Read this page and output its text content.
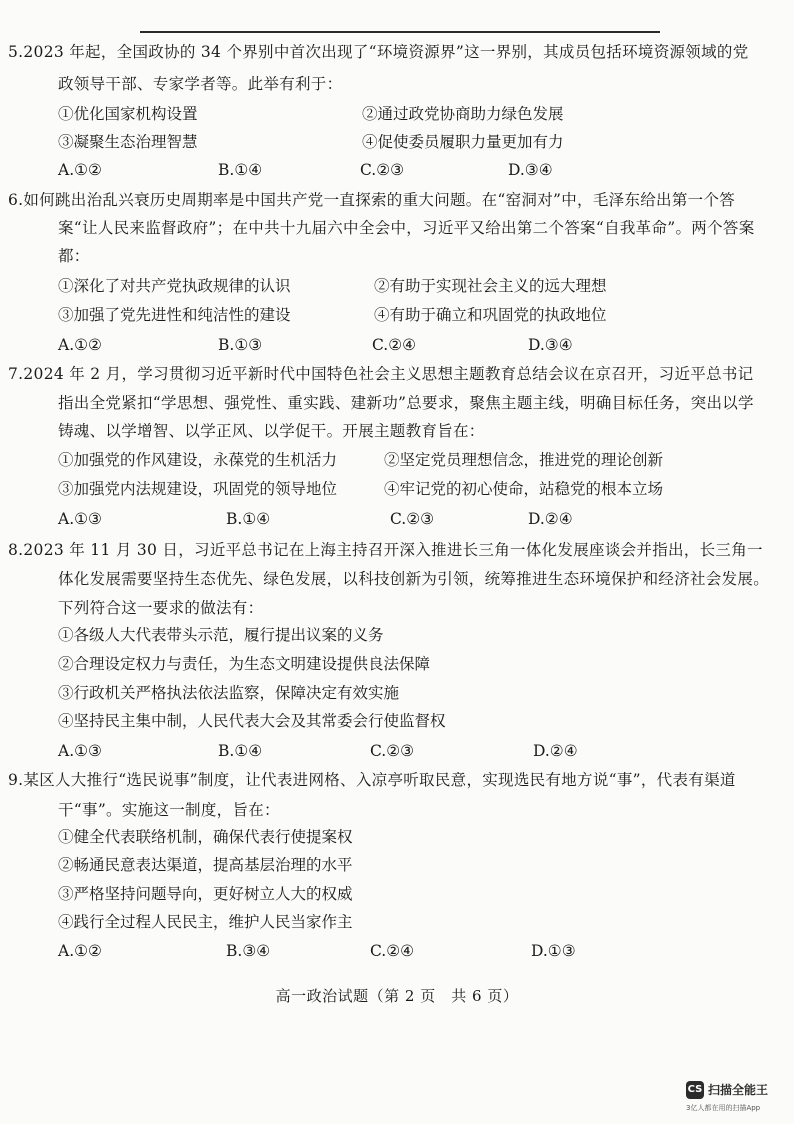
5.2023 年起，全国政协的 34 个界别中首次出现了“环境资源界”这一界别，其成员包括环境资源领域的党
政领导干部、专家学者等。此举有利于：
①优化国家机构设置	②通过政党协商助力绿色发展
③凝聚生态治理智慧	④促使委员履职力量更加有力
A.①②	B.①④	C.②③	D.③④
6.如何跳出治乱兴衰历史周期率是中国共产党一直探索的重大问题。在“窑洞对”中，毛泽东给出第一个答
案“让人民来监督政府”；在中共十九届六中全会中，习近平又给出第二个答案“自我革命”。两个答案
都：
①深化了对共产党执政规律的认识	②有助于实现社会主义的远大理想
③加强了党先进性和纯洁性的建设	④有助于确立和巩固党的执政地位
A.①②	B.①③	C.②④	D.③④
7.2024 年 2 月，学习贯彻习近平新时代中国特色社会主义思想主题教育总结会议在京召开，习近平总书记
指出全党紧扣“学思想、强党性、重实践、建新功”总要求，聚焦主题主线，明确目标任务，突出以学
铸魂、以学增智、以学正风、以学促干。开展主题教育旨在：
①加强党的作风建设，永葆党的生机活力	②坚定党员理想信念，推进党的理论创新
③加强党内法规建设，巩固党的领导地位	④牢记党的初心使命，站稳党的根本立场
A.①③	B.①④	C.②③	D.②④
8.2023 年 11 月 30 日，习近平总书记在上海主持召开深入推进长三角一体化发展座谈会并指出，长三角一
体化发展需要坚持生态优先、绿色发展，以科技创新为引领，统筹推进生态环境保护和经济社会发展。
下列符合这一要求的做法有：
①各级人大代表带头示范，履行提出议案的义务
②合理设定权力与责任，为生态文明建设提供良法保障
③行政机关严格执法依法监察，保障决定有效实施
④坚持民主集中制，人民代表大会及其常委会行使监督权
A.①③	B.①④	C.②③	D.②④
9.某区人大推行“选民说事”制度，让代表进网格、入凉亭听取民意，实现选民有地方说“事”，代表有渠道
干“事”。实施这一制度，旨在：
①健全代表联络机制，确保代表行使提案权
②畅通民意表达渠道，提高基层治理的水平
③严格坚持问题导向，更好树立人大的权威
④践行全过程人民民主，维护人民当家作主
A.①②	B.③④	C.②④	D.①③
高一政治试题（第 2 页　共 6 页）
CS 扫描全能王
3亿人都在用的扫描App
